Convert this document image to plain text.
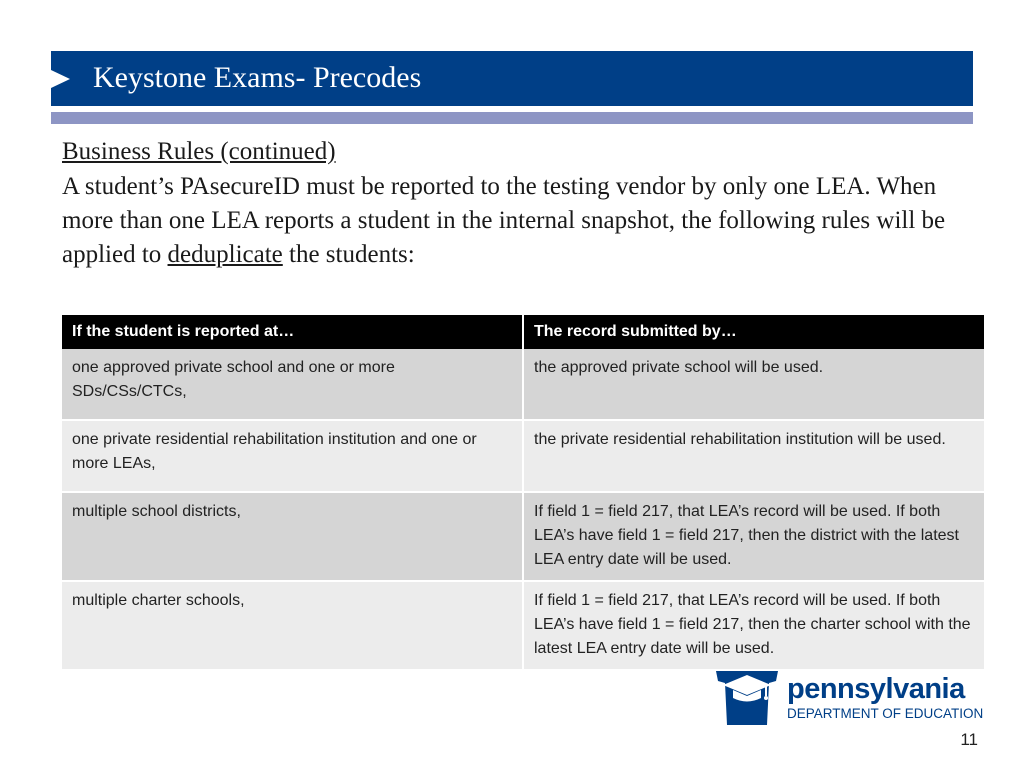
Keystone Exams- Precodes
Business Rules (continued)
A student’s PAsecureID must be reported to the testing vendor by only one LEA. When more than one LEA reports a student in the internal snapshot, the following rules will be applied to deduplicate the students:
If the student is reported at…	The record submitted by…
one approved private school and one or more SDs/CSs/CTCs,	the approved private school will be used.
one private residential rehabilitation institution and one or more LEAs,	the private residential rehabilitation institution will be used.
multiple school districts,	If field 1 = field 217, that LEA’s record will be used. If both LEA’s have field 1 = field 217, then the district with the latest LEA entry date will be used.
multiple charter schools,	If field 1 = field 217, that LEA’s record will be used. If both LEA’s have field 1 = field 217, then the charter school with the latest LEA entry date will be used.
pennsylvania
DEPARTMENT OF EDUCATION
11
